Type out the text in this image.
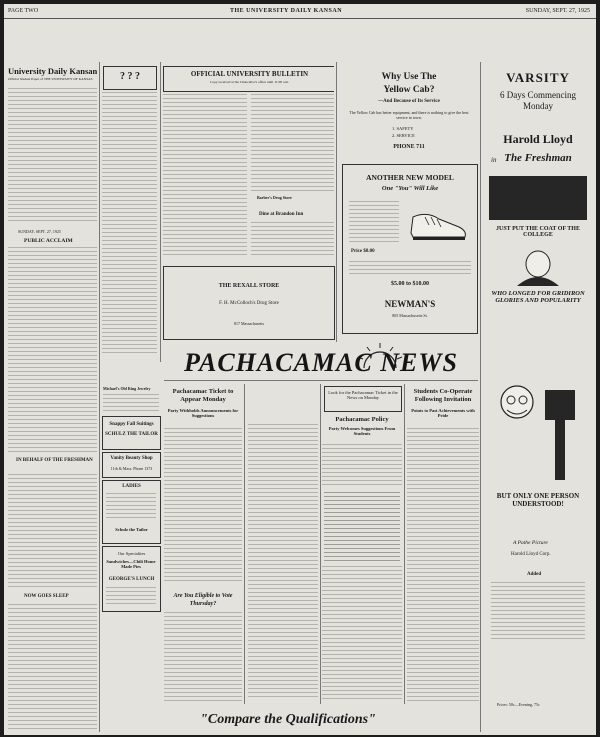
PAGE TWO	THE UNIVERSITY DAILY KANSAN	SUNDAY, SEPT. 27, 1925
University Daily Kansan
Official Student Paper of THE UNIVERSITY OF KANSAS
SUNDAY, SEPT. 27, 1925
PUBLIC ACCLAIM
IN BEHALF OF THE FRESHMAN
NOW GOES SLEEP
? ? ?	OFFICIAL UNIVERSITY BULLETIN
Copy received at the Chancellor's office until 11:00 a.m.
Barber's Drug Store
Dine at Brandon Inn
THE REXALL STORE
F. H. McColloch's Drug Store
817 Massachusetts
Why Use The
Yellow Cab?
—And Because of Its Service
The Yellow Cab has better equipment, and there is nothing to give the best service in town.
1. SAFETY
2. SERVICE
PHONE 711
ANOTHER NEW MODEL
One "You" Will Like
Price $8.00
$5.00 to $10.00
NEWMAN'S
805 Massachusetts St.
VARSITY
6 Days Commencing Monday
Harold Lloyd
in The Freshman
JUST PUT THE COAT OF THE COLLEGE
WHO LONGED FOR GRIDIRON GLORIES AND POPULARITY
BUT ONLY ONE PERSON UNDERSTOOD!
A Pathe Picture
Harold Lloyd Corp.
Added
Prices: 50c—Evening, 75c
PACHACAMAC NEWS
Pachacamac Ticket to Appear Monday
Party Withholds Announcements for Suggestions
Are You Eligible to Vote Thursday?
Look for the Pachacamac Ticket in the News on Monday
Pachacamac Policy
Party Welcomes Suggestions From Students
Students Co-Operate Following Invitation
Points to Past Achievements with Pride
"Compare the Qualifications"
Michael's Old Ring Jewelry
Snappy Fall Suitings
SCHULZ THE TAILOR
Vanity Beauty Shop
11th & Mass. Phone 1373
LADIES
Schulz the Tailor
Our Specialties
Sandwiches—Chili Home Made Pies
GEORGE'S LUNCH
